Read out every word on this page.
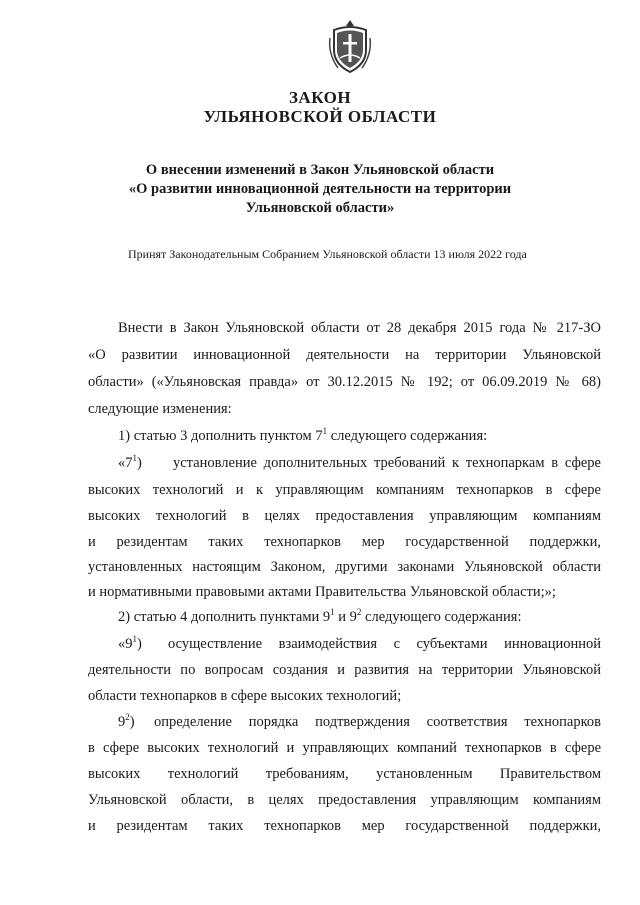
ЗАКОН
УЛЬЯНОВСКОЙ ОБЛАСТИ
О внесении изменений в Закон Ульяновской области
«О развитии инновационной деятельности на территории
Ульяновской области»
Принят Законодательным Собранием Ульяновской области 13 июля 2022 года
Внести в Закон Ульяновской области от 28 декабря 2015 года № 217-ЗО
«О развитии инновационной деятельности на территории Ульяновской
области» («Ульяновская правда» от 30.12.2015 № 192; от 06.09.2019 № 68)
следующие изменения:
1) статью 3 дополнить пунктом $7^1$ следующего содержания:
«$7^1$) установление дополнительных требований к технопаркам в сфере
высоких технологий и к управляющим компаниям технопарков в сфере
высоких технологий в целях предоставления управляющим компаниям
и резидентам таких технопарков мер государственной поддержки,
установленных настоящим Законом, другими законами Ульяновской области
и нормативными правовыми актами Правительства Ульяновской области;»;
2) статью 4 дополнить пунктами $9^1$ и $9^2$ следующего содержания:
«$9^1$) осуществление взаимодействия с субъектами инновационной
деятельности по вопросам создания и развития на территории Ульяновской
области технопарков в сфере высоких технологий;
$9^2$) определение порядка подтверждения соответствия технопарков
в сфере высоких технологий и управляющих компаний технопарков в сфере
высоких технологий требованиям, установленным Правительством
Ульяновской области, в целях предоставления управляющим компаниям
и резидентам таких технопарков мер государственной поддержки,
